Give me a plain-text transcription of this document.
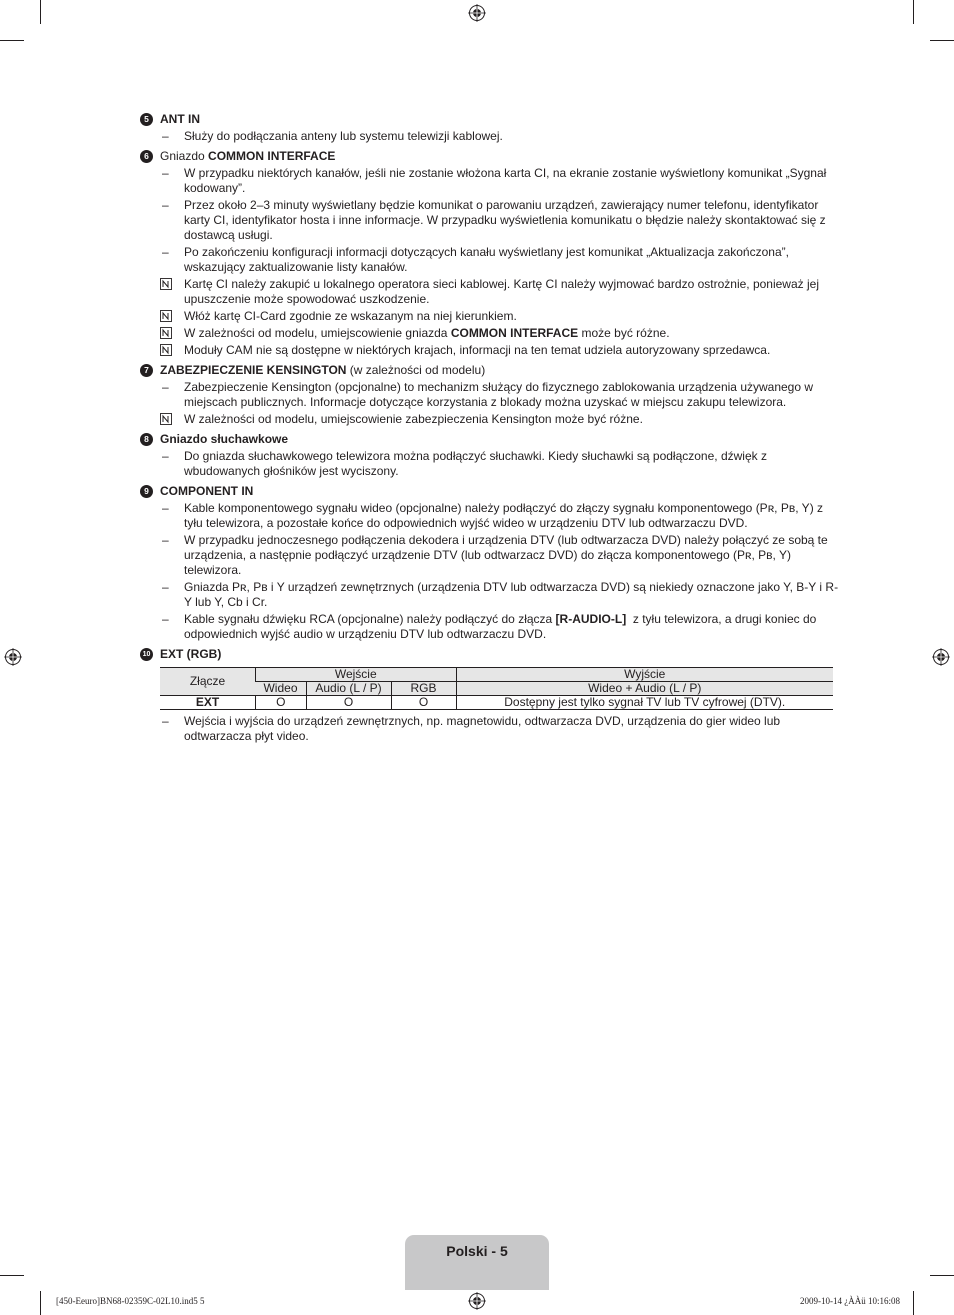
5 ANT IN
– Służy do podłączania anteny lub systemu telewizji kablowej.
6 Gniazdo COMMON INTERFACE
– W przypadku niektórych kanałów, jeśli nie zostanie włożona karta CI, na ekranie zostanie wyświetlony komunikat „Sygnał kodowany”.
– Przez około 2–3 minuty wyświetlany będzie komunikat o parowaniu urządzeń, zawierający numer telefonu, identyfikator karty CI, identyfikator hosta i inne informacje. W przypadku wyświetlenia komunikatu o błędzie należy skontaktować się z dostawcą usługi.
– Po zakończeniu konfiguracji informacji dotyczących kanału wyświetlany jest komunikat „Aktualizacja zakończona”, wskazujący zaktualizowanie listy kanałów.
Kartę CI należy zakupić u lokalnego operatora sieci kablowej. Kartę CI należy wyjmować bardzo ostrożnie, ponieważ jej upuszczenie może spowodować uszkodzenie.
Włóż kartę CI-Card zgodnie ze wskazanym na niej kierunkiem.
W zależności od modelu, umiejscowienie gniazda COMMON INTERFACE może być różne.
Moduły CAM nie są dostępne w niektórych krajach, informacji na ten temat udziela autoryzowany sprzedawca.
7 ZABEZPIECZENIE KENSINGTON (w zależności od modelu)
– Zabezpieczenie Kensington (opcjonalne) to mechanizm służący do fizycznego zablokowania urządzenia używanego w miejscach publicznych. Informacje dotyczące korzystania z blokady można uzyskać w miejscu zakupu telewizora.
W zależności od modelu, umiejscowienie zabezpieczenia Kensington może być różne.
8 Gniazdo słuchawkowe
– Do gniazda słuchawkowego telewizora można podłączyć słuchawki. Kiedy słuchawki są podłączone, dźwięk z wbudowanych głośników jest wyciszony.
9 COMPONENT IN
– Kable komponentowego sygnału wideo (opcjonalne) należy podłączyć do złączy sygnału komponentowego (Pʀ, Pʙ, Y) z tyłu telewizora, a pozostałe końce do odpowiednich wyjść wideo w urządzeniu DTV lub odtwarzaczu DVD.
– W przypadku jednoczesnego podłączenia dekodera i urządzenia DTV (lub odtwarzacza DVD) należy połączyć ze sobą te urządzenia, a następnie podłączyć urządzenie DTV (lub odtwarzacz DVD) do złącza komponentowego (Pʀ, Pʙ, Y) telewizora.
– Gniazda Pʀ, Pʙ i Y urządzeń zewnętrznych (urządzenia DTV lub odtwarzacza DVD) są niekiedy oznaczone jako Y, B-Y i R-Y lub Y, Cb i Cr.
– Kable sygnału dźwięku RCA (opcjonalne) należy podłączyć do złącza [R-AUDIO-L]  z tyłu telewizora, a drugi koniec do odpowiednich wyjść audio w urządzeniu DTV lub odtwarzaczu DVD.
10 EXT (RGB)
Złącze	Wejście			Wyjście
	Wideo	Audio (L / P)	RGB	Wideo + Audio (L / P)
EXT	O	O	O	Dostępny jest tylko sygnał TV lub TV cyfrowej (DTV).
– Wejścia i wyjścia do urządzeń zewnętrznych, np. magnetowidu, odtwarzacza DVD, urządzenia do gier wideo lub odtwarzacza płyt video.
Polski - 5
[450-Eeuro]BN68-02359C-02L10.ind5 5	2009-10-14 ¿ÀÀü 10:16:08
